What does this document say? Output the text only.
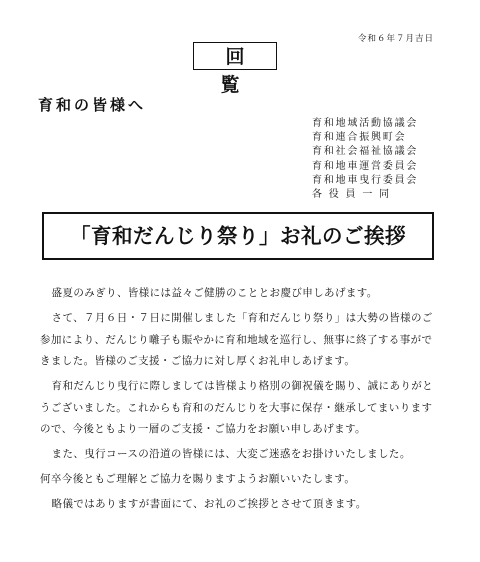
令和６年７月吉日
回 覧
育和の皆様へ
育和地域活動協議会
育和連合振興町会
育和社会福祉協議会
育和地車運営委員会
育和地車曳行委員会
各 役 員 一 同
「育和だんじり祭り」お礼のご挨拶

盛夏のみぎり、皆様には益々ご健勝のこととお慶び申しあげます。

さて、７月６日・７日に開催しました「育和だんじり祭り」は大勢の皆様のご参加により、だんじり囃子も賑やかに育和地域を巡行し、無事に終了する事ができました。皆様のご支援・ご協力に対し厚くお礼申しあげます。

育和だんじり曳行に際しましては皆様より格別の御祝儀を賜り、誠にありがとうございました。これからも育和のだんじりを大事に保存・継承してまいりますので、今後ともより一層のご支援・ご協力をお願い申しあげます。

また、曳行コースの沿道の皆様には、大変ご迷惑をお掛けいたしました。

何卒今後ともご理解とご協力を賜りますようお願いいたします。

略儀ではありますが書面にて、お礼のご挨拶とさせて頂きます。
